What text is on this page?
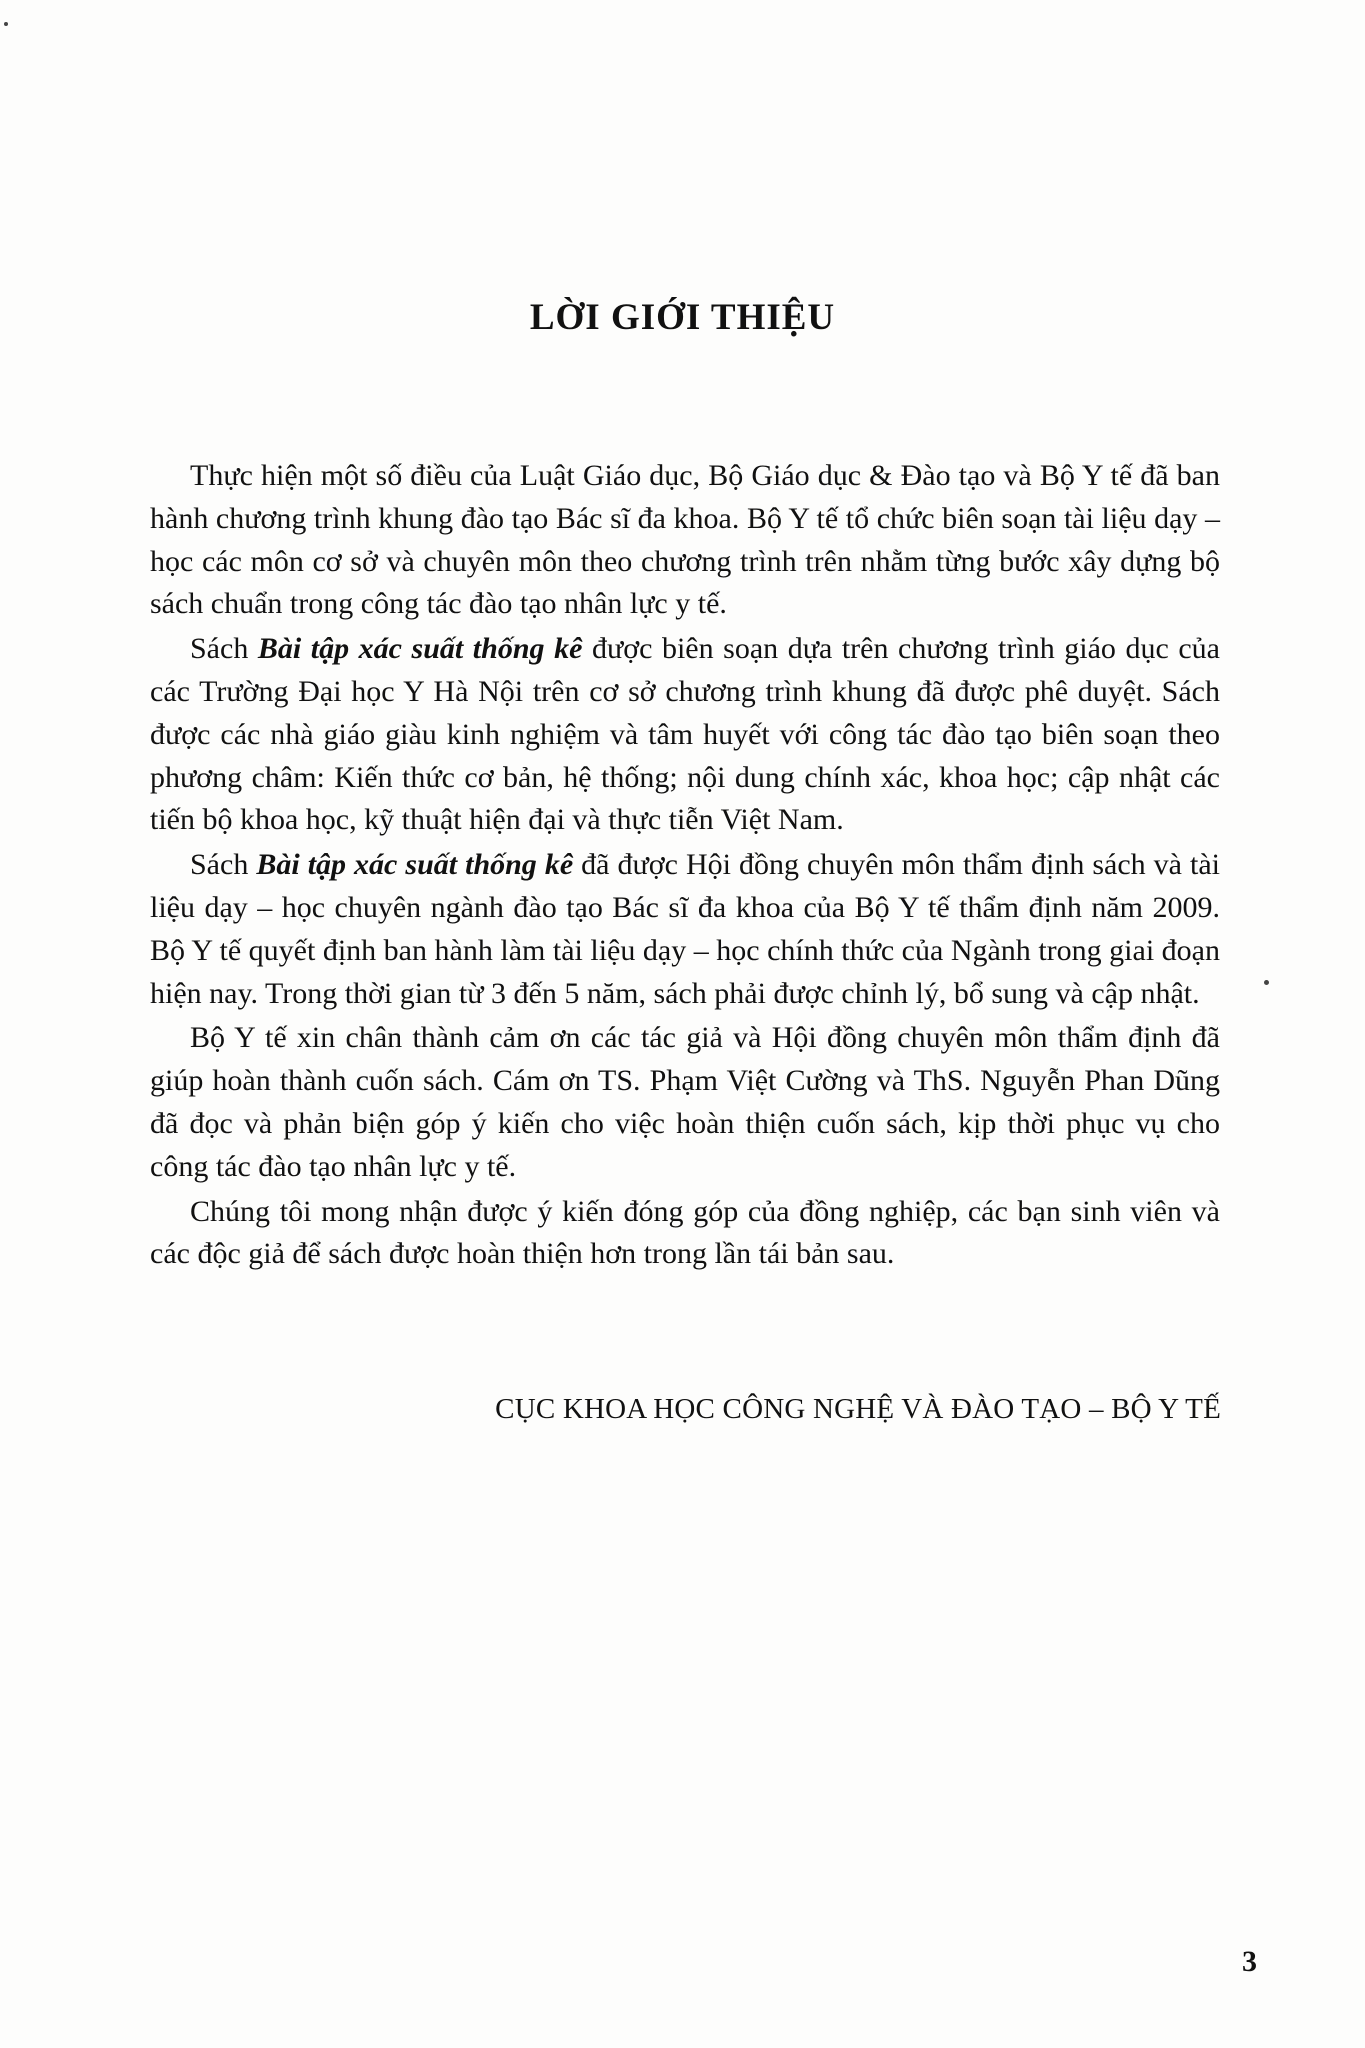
LỜI GIỚI THIỆU

Thực hiện một số điều của Luật Giáo dục, Bộ Giáo dục & Đào tạo và Bộ Y tế đã ban hành chương trình khung đào tạo Bác sĩ đa khoa. Bộ Y tế tổ chức biên soạn tài liệu dạy – học các môn cơ sở và chuyên môn theo chương trình trên nhằm từng bước xây dựng bộ sách chuẩn trong công tác đào tạo nhân lực y tế.

Sách Bài tập xác suất thống kê được biên soạn dựa trên chương trình giáo dục của các Trường Đại học Y Hà Nội trên cơ sở chương trình khung đã được phê duyệt. Sách được các nhà giáo giàu kinh nghiệm và tâm huyết với công tác đào tạo biên soạn theo phương châm: Kiến thức cơ bản, hệ thống; nội dung chính xác, khoa học; cập nhật các tiến bộ khoa học, kỹ thuật hiện đại và thực tiễn Việt Nam.

Sách Bài tập xác suất thống kê đã được Hội đồng chuyên môn thẩm định sách và tài liệu dạy – học chuyên ngành đào tạo Bác sĩ đa khoa của Bộ Y tế thẩm định năm 2009. Bộ Y tế quyết định ban hành làm tài liệu dạy – học chính thức của Ngành trong giai đoạn hiện nay. Trong thời gian từ 3 đến 5 năm, sách phải được chỉnh lý, bổ sung và cập nhật.

Bộ Y tế xin chân thành cảm ơn các tác giả và Hội đồng chuyên môn thẩm định đã giúp hoàn thành cuốn sách. Cám ơn TS. Phạm Việt Cường và ThS. Nguyễn Phan Dũng đã đọc và phản biện góp ý kiến cho việc hoàn thiện cuốn sách, kịp thời phục vụ cho công tác đào tạo nhân lực y tế.

Chúng tôi mong nhận được ý kiến đóng góp của đồng nghiệp, các bạn sinh viên và các độc giả để sách được hoàn thiện hơn trong lần tái bản sau.

CỤC KHOA HỌC CÔNG NGHỆ VÀ ĐÀO TẠO – BỘ Y TẾ
3
